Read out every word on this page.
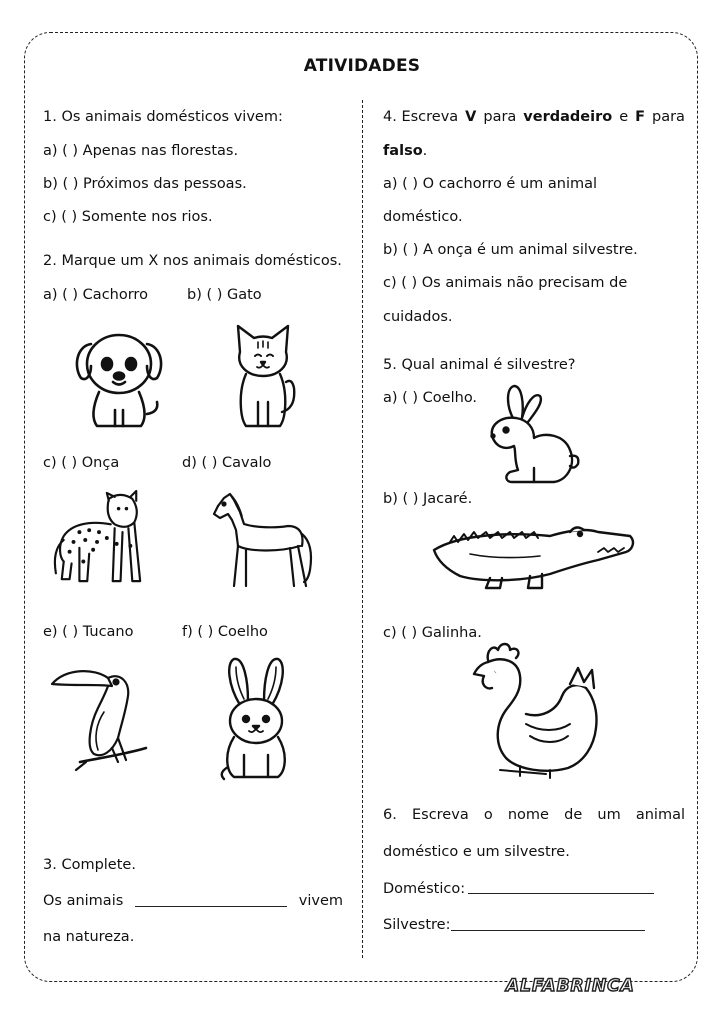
ATIVIDADES
1. Os animais domésticos vivem:
a) ( ) Apenas nas florestas.
b) ( ) Próximos das pessoas.
c) ( ) Somente nos rios.
2. Marque um X nos animais domésticos.
a) ( ) Cachorro	b) ( ) Gato
c) ( ) Onça	d) ( ) Cavalo
e) ( ) Tucano	f) ( ) Coelho
3. Complete.
Os animais	vivem
na natureza.
4. Escreva V para verdadeiro e F para
falso.
a) ( ) O cachorro é um animal
doméstico.
b) ( ) A onça é um animal silvestre.
c) ( ) Os animais não precisam de
cuidados.
5. Qual animal é silvestre?
a) ( ) Coelho.
b) ( ) Jacaré.
c) ( ) Galinha.
6. Escreva o nome de um animal
doméstico e um silvestre.
Doméstico:
Silvestre:
ALFABRINCA
